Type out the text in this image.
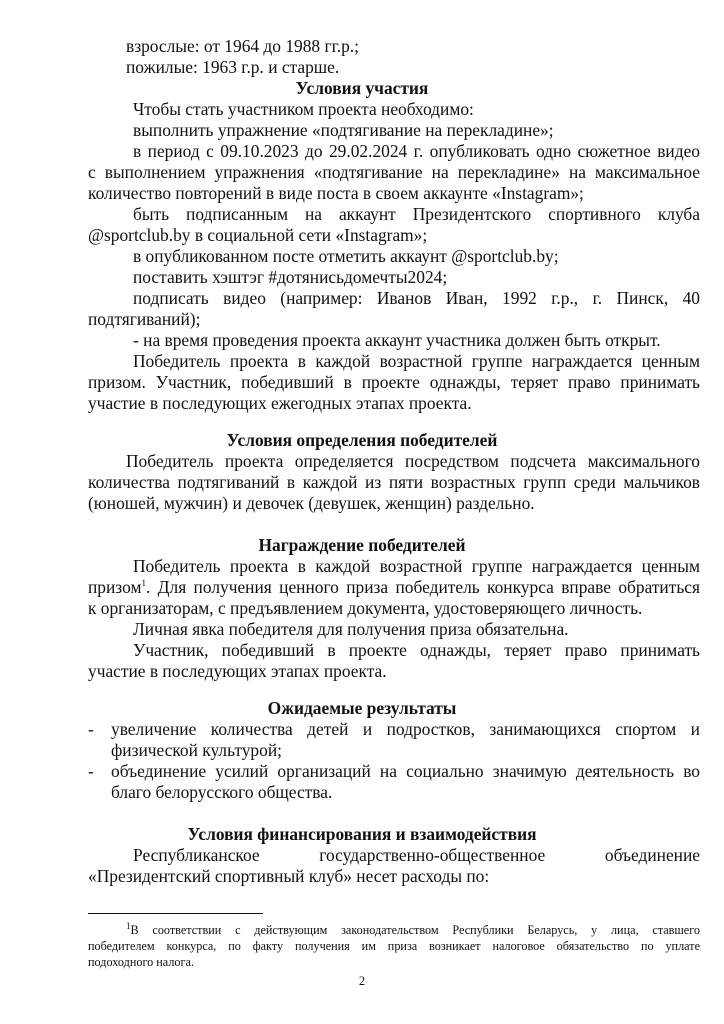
взрослые: от 1964 до 1988 гг.р.;
пожилые: 1963 г.р. и старше.
Условия участия
Чтобы стать участником проекта необходимо:
выполнить упражнение «подтягивание на перекладине»;
в период с 09.10.2023 до 29.02.2024 г. опубликовать одно сюжетное видео
с выполнением упражнения «подтягивание на перекладине» на максимальное
количество повторений в виде поста в своем аккаунте «Instagram»;
быть подписанным на аккаунт Президентского спортивного клуба
@sportclub.by в социальной сети «Instagram»;
в опубликованном посте отметить аккаунт @sportclub.by;
поставить хэштэг #дотянисьдомечты2024;
подписать видео (например: Иванов Иван, 1992 г.р., г. Пинск, 40
подтягиваний);
- на время проведения проекта аккаунт участника должен быть открыт.
Победитель проекта в каждой возрастной группе награждается ценным
призом. Участник, победивший в проекте однажды, теряет право принимать
участие в последующих ежегодных этапах проекта.
Условия определения победителей
Победитель проекта определяется посредством подсчета максимального
количества подтягиваний в каждой из пяти возрастных групп среди мальчиков
(юношей, мужчин) и девочек (девушек, женщин) раздельно.
Награждение победителей
Победитель проекта в каждой возрастной группе награждается ценным
призом$^1$. Для получения ценного приза победитель конкурса вправе обратиться
к организаторам, с предъявлением документа, удостоверяющего личность.
Личная явка победителя для получения приза обязательна.
Участник, победивший в проекте однажды, теряет право принимать
участие в последующих этапах проекта.
Ожидаемые результаты
- увеличение количества детей и подростков, занимающихся спортом и
физической культурой;
- объединение усилий организаций на социально значимую деятельность во
благо белорусского общества.
Условия финансирования и взаимодействия
Республиканское государственно-общественное объединение
«Президентский спортивный клуб» несет расходы по:
$^1$В соответствии с действующим законодательством Республики Беларусь, у лица, ставшего
победителем конкурса, по факту получения им приза возникает налоговое обязательство по уплате
подоходного налога.
2
